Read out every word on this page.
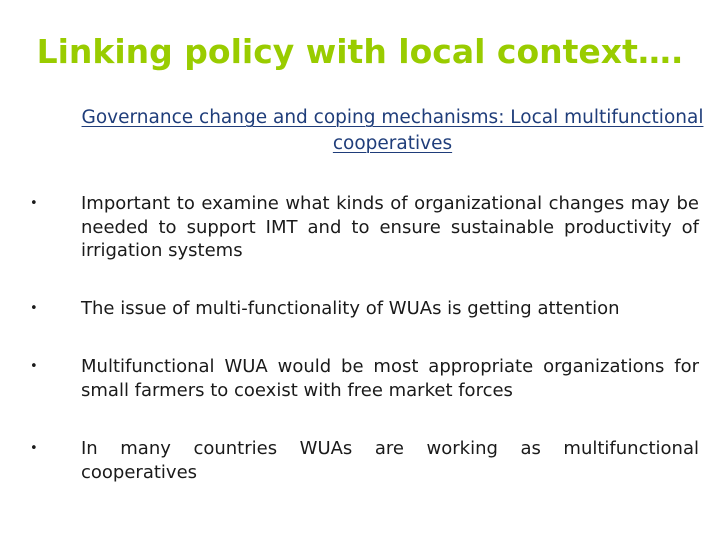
Linking policy with local context….
Governance change and coping mechanisms: Local multifunctional cooperatives
• Important to examine what kinds of organizational changes may be needed to support IMT and to ensure sustainable productivity of irrigation systems
• The issue of multi-functionality of WUAs is getting attention
• Multifunctional WUA would be most appropriate organizations for small farmers to coexist with free market forces
• In many countries WUAs are working as multifunctional cooperatives
